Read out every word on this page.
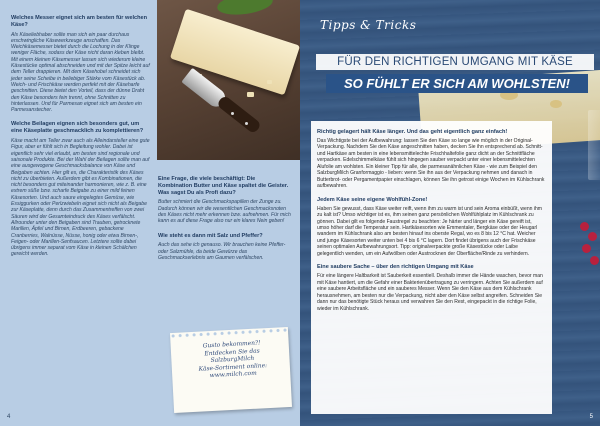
Welches Messer eignet sich am besten für welchen Käse?
Als Käseliebhaber sollte man sich ein paar durchaus erschwingliche Käsewerkzeuge anschaffen. Das Weichkäsemesser bietet durch die Lochung in der Klinge weniger Fläche, sodass der Käse nicht daran kleben bleibt. Mit einem kleinen Käsemesser lassen sich wiederum kleine Käsestücke optimal abschneiden und mit der Spitze leicht auf dem Teller drappieren. Mit dem Käsehobel schneidet sich jeder seine Scheibe in beliebiger Stärke vom Käsestück ab. Weich- und Frischkäse werden perfekt mit der Käseharfe geschnitten. Diese bietet den Vorteil, dass der dünne Draht den Käse besonders fein trennt, ohne Schnitten zu hinterlassen. Und für Parmesan eignet sich am besten ein Parmesanstecher.
Welche Beilagen eignen sich besonders gut, um eine Käseplatte geschmacklich zu komplettieren?
Käse macht am Teller zwar auch als Alleindarsteller eine gute Figur, aber er fühlt sich in Begleitung wohler. Dabei ist eigentlich sehr viel erlaubt, am besten sind regionale und saisonale Produkte. Bei der Wahl der Beilagen sollte man auf eine ausgewogene Geschmacksbalance von Käse und Beigaben achten. Hier gilt es, die Charakteristik des Käses nicht zu überbieten. Außerdem gibt es Kombinationen, die nicht besonders gut miteinander harmonieren, wie z. B. eine extrem süße bzw. scharfe Beigabe zu einer mild feinen Käsesorten. Und auch saure eingelegtes Gemüse, wie Essiggurken oder Perlzwiebeln eignet sich nicht als Beigabe zur Käseplatte, denn durch das Zusammentreffen von zwei Säuren wird der Gesamteindruck des Käses verfälscht. Allrounder unter den Beigaben sind Trauben, getrocknete Marillen, Äpfel und Birnen, Erdbeeren, gebackene Cranberries, Walnüsse, Nüsse, honig oder etwa Birnen-, Feigen- oder Marillen-Senfsaucen. Letztere sollte dabei übrigens immer separat vom Käse in kleinen Schälchen gereicht werden.
Eine Frage, die viele beschäftigt: Die Kombination Butter und Käse spaltet die Geister. Was sagst Du als Profi dazu?
Butter schmiert die Geschmackspapillen der Zunge zu. Dadurch können wir die wesentlichen Geschmacksnoten des Käses nicht mehr erkennen bzw. aufnehmen. Für mich kann es auf diese Frage also nur ein klares Nein geben!
Wie steht es dann mit Salz und Pfeffer?
Auch das sehe ich genauso. Wir brauchen keine Pfeffer- oder Salzmühle, da beide Gewürze das Geschmackserlebnis am Gaumen verfälschen.
Gusto bekommen?!
Entdecken Sie das
SalzburgMilch
Käse-Sortiment online:
www.milch.com
4
Tipps & Tricks
FÜR DEN RICHTIGEN UMGANG MIT KÄSE
SO FÜHLT ER SICH AM WOHLSTEN!
Richtig gelagert hält Käse länger. Und das geht eigentlich ganz einfach!
Das Wichtigste bei der Aufbewahrung: lassen Sie den Käse so lange wie möglich in der Original-Verpackung. Nachdem Sie den Käse angeschnitten haben, decken Sie ihn entsprechend ab. Schnitt- und Hartkäse am besten in eine lebensmittelechte Frischhaltefolie ganz dicht an der Schnittfläche verpacken. Edelschimmelkäse fühlt sich hingegen sauber verpackt unter einer lebensmittelechten Alufolie am wohlsten. Ein kleiner Tipp für alle, die parmesanähnlichen Käse - wie zum Beispiel den SalzburgMilch Granformaggio - lieben: wenn Sie ihn aus der Verpackung nehmen und danach in Butterbrot- oder Pergamentpapier einschlagen, können Sie ihn getrost einige Wochen im Kühlschrank aufbewahren.
Jedem Käse seine eigene Wohlfühl-Zone!
Haben Sie gewusst, dass Käse weiter reift, wenn ihm zu warm ist und sein Aroma einbüßt, wenn ihm zu kalt ist? Umso wichtiger ist es, ihm seinen ganz persönlichen Wohlfühlplatz im Kühlschrank zu gönnen. Dabei gilt es folgende Faustregel zu beachten: Je härter und länger ein Käse gereift ist, umso höher darf die Temperatur sein. Hartkäsesorten wie Emmentaler, Bergkäse oder der Heugarl wandern im Kühlschrank also am besten hinauf ins oberste Regal, wo es 8 bis 12 °C hat. Weicher und junge Käsesorten weiter unten bei 4 bis 6 °C lagern. Dort findet übrigens auch der Frischkäse seinen optimalen Aufbewahrungsort. Tipp: originalverpackte große Käsestücke oder Laibe gelegentlich wenden, um ein Aufwölben oder Austrocknen der Oberfläche/Rinde zu verhindern.
Eine saubere Sache – über den richtigen Umgang mit Käse
Für eine längere Haltbarkeit ist Sauberkeit essentiell. Deshalb immer die Hände waschen, bevor man mit Käse hantiert, um die Gefahr einer Bakterienübertragung zu verringern. Achten Sie außerdem auf eine saubere Arbeitsfläche und ein sauberes Messer. Wenn Sie den Käse aus dem Kühlschrank herausnehmen, am besten nur die Verpackung, nicht aber den Käse selbst angreifen. Schneiden Sie dann nur das benötigte Stück heraus und verwahren Sie den Rest, eingepackt in die richtige Folie, wieder im Kühlschrank.
5
